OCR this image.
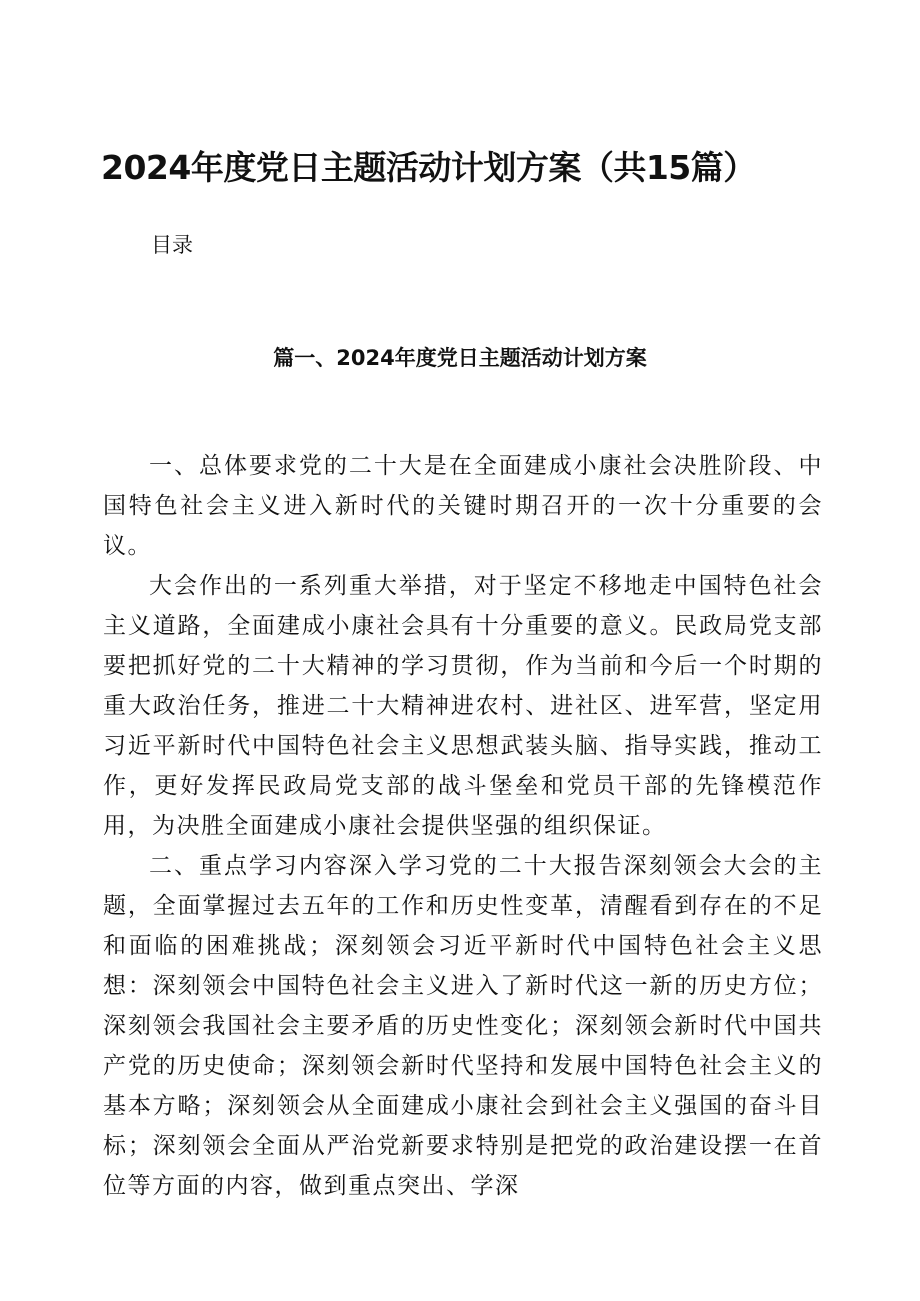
2024年度党日主题活动计划方案（共15篇）

目录

篇一、2024年度党日主题活动计划方案

一、总体要求党的二十大是在全面建成小康社会决胜阶段、中国特色社会主义进入新时代的关键时期召开的一次十分重要的会议。

大会作出的一系列重大举措，对于坚定不移地走中国特色社会主义道路，全面建成小康社会具有十分重要的意义。民政局党支部要把抓好党的二十大精神的学习贯彻，作为当前和今后一个时期的重大政治任务，推进二十大精神进农村、进社区、进军营，坚定用习近平新时代中国特色社会主义思想武装头脑、指导实践，推动工作，更好发挥民政局党支部的战斗堡垒和党员干部的先锋模范作用，为决胜全面建成小康社会提供坚强的组织保证。

二、重点学习内容深入学习党的二十大报告深刻领会大会的主题，全面掌握过去五年的工作和历史性变革，清醒看到存在的不足和面临的困难挑战；深刻领会习近平新时代中国特色社会主义思想：深刻领会中国特色社会主义进入了新时代这一新的历史方位；深刻领会我国社会主要矛盾的历史性变化；深刻领会新时代中国共产党的历史使命；深刻领会新时代坚持和发展中国特色社会主义的基本方略；深刻领会从全面建成小康社会到社会主义强国的奋斗目标；深刻领会全面从严治党新要求特别是把党的政治建设摆一在首位等方面的内容，做到重点突出、学深
